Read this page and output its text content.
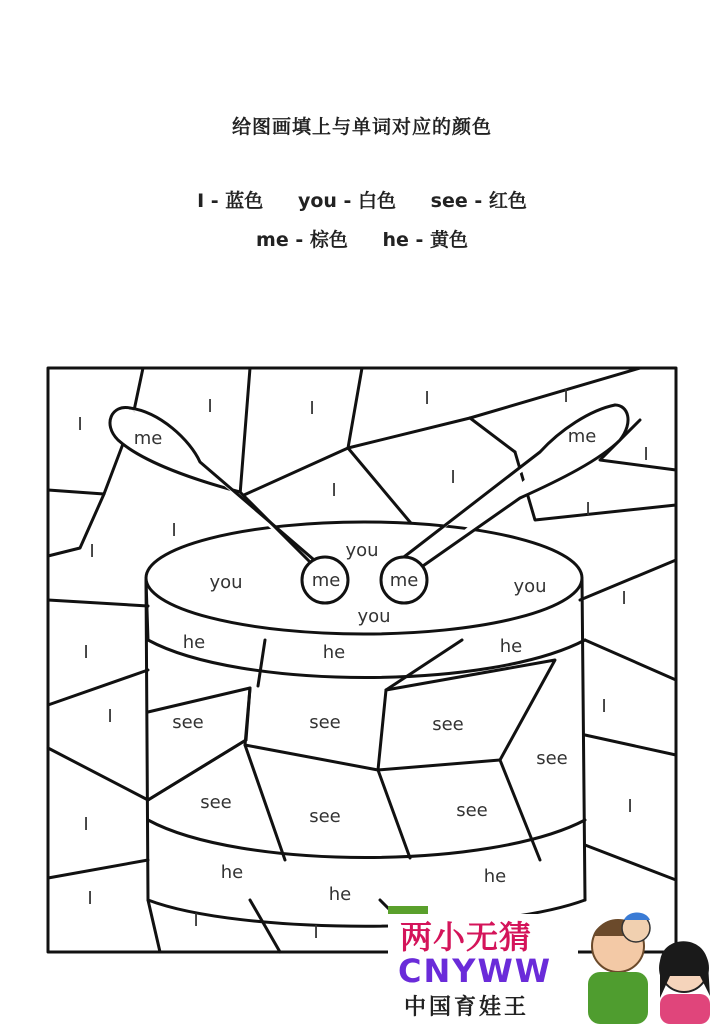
给图画填上与单词对应的颜色
I - 蓝色 you - 白色 see - 红色
me - 棕色 he - 黄色
I
I	I	I	I
I
I
I
I
I
I
I
I
I
I
I
I
I
I
I
me	me
me	me
you
you	you
you
he	he	he
he
he
he
see	see	see
see
see
see	see
两小无猜
CNYWW
中国育娃王
